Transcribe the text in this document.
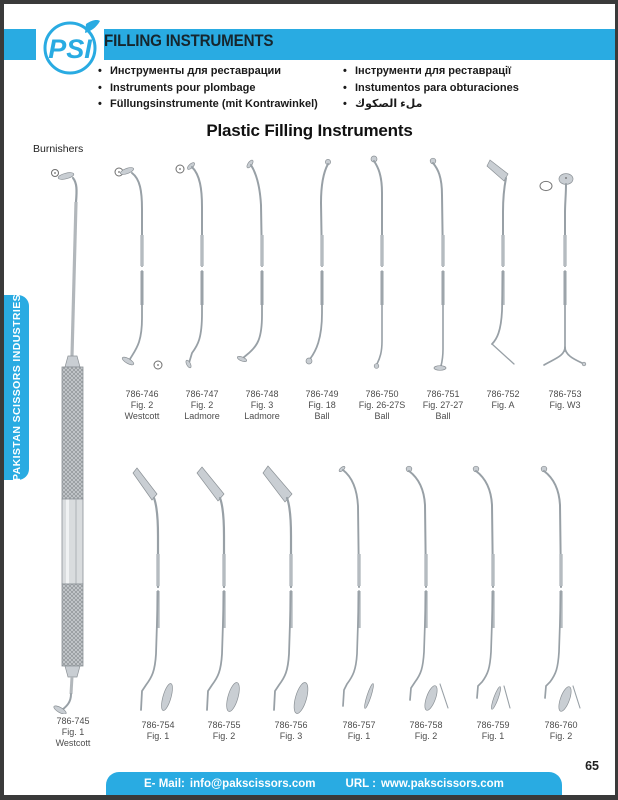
FILLING INSTRUMENTS
PSI
• Инструменты для реставрации
• Instruments pour plombage
• Füllungsinstrumente (mit Kontrawinkel)
• Інструменти для реставрації
• Instumentos para obturaciones
• ملء الصكوك
Plastic Filling Instruments
Burnishers
786-745
Fig. 1
Westcott
786-746
Fig. 2
Westcott
786-747
Fig. 2
Ladmore
786-748
Fig. 3
Ladmore
786-749
Fig. 18
Ball
786-750
Fig. 26-27S
Ball
786-751
Fig. 27-27
Ball
786-752
Fig. A
786-753
Fig. W3
786-754
Fig. 1
786-755
Fig. 2
786-756
Fig. 3
786-757
Fig. 1
786-758
Fig. 2
786-759
Fig. 1
786-760
Fig. 2
PAKISTAN SCISSORS INDUSTRIES
E- Mail: info@pakscissors.com	URL : www.pakscissors.com
65
